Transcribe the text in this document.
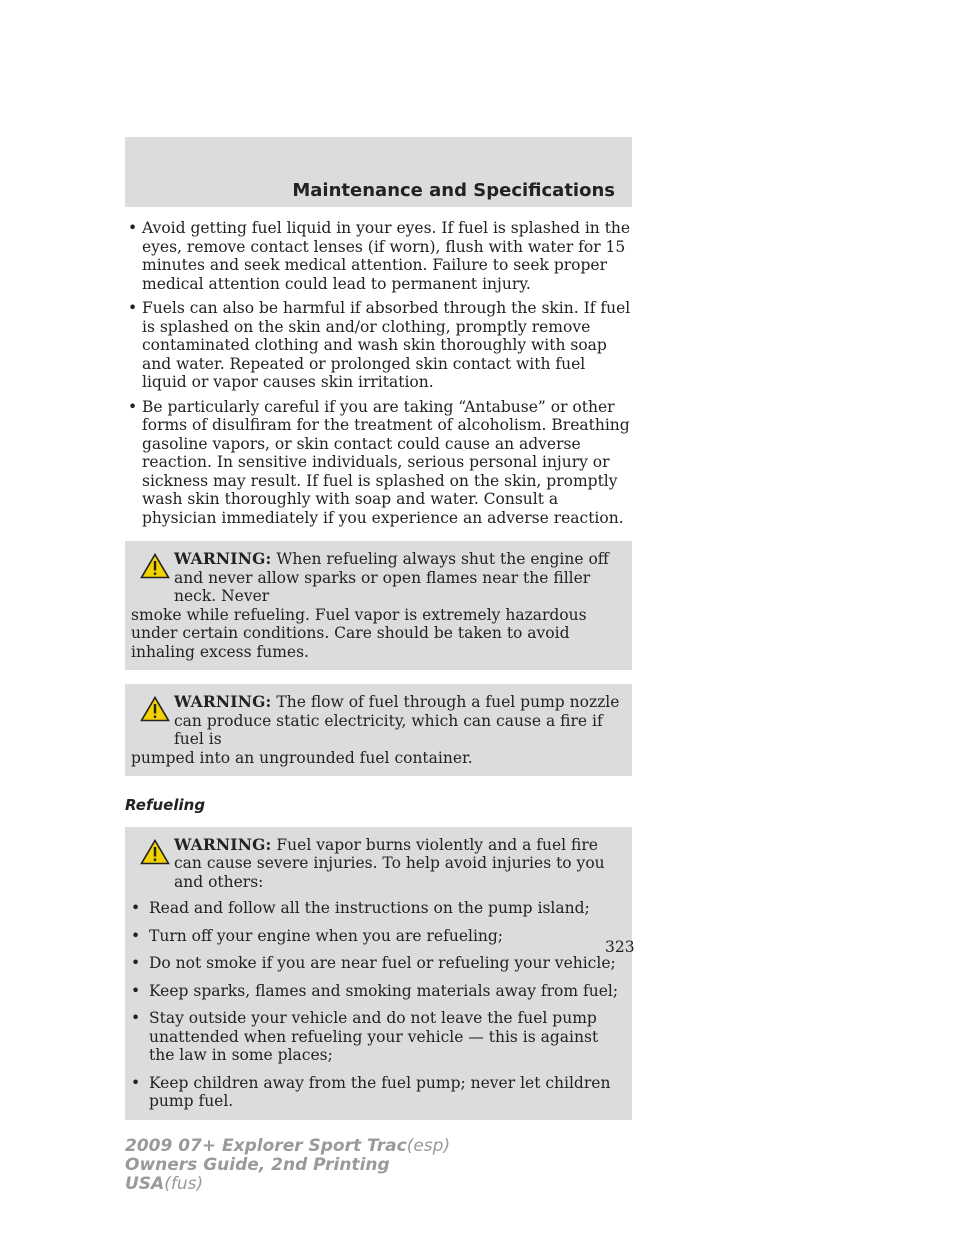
Maintenance and Specifications
• Avoid getting fuel liquid in your eyes. If fuel is splashed in the eyes, remove contact lenses (if worn), flush with water for 15 minutes and seek medical attention. Failure to seek proper medical attention could lead to permanent injury.
• Fuels can also be harmful if absorbed through the skin. If fuel is splashed on the skin and/or clothing, promptly remove contaminated clothing and wash skin thoroughly with soap and water. Repeated or prolonged skin contact with fuel liquid or vapor causes skin irritation.
• Be particularly careful if you are taking “Antabuse” or other forms of disulfiram for the treatment of alcoholism. Breathing gasoline vapors, or skin contact could cause an adverse reaction. In sensitive individuals, serious personal injury or sickness may result. If fuel is splashed on the skin, promptly wash skin thoroughly with soap and water. Consult a physician immediately if you experience an adverse reaction.
WARNING: When refueling always shut the engine off and never allow sparks or open flames near the filler neck. Never
smoke while refueling. Fuel vapor is extremely hazardous under certain conditions. Care should be taken to avoid inhaling excess fumes.
WARNING: The flow of fuel through a fuel pump nozzle can produce static electricity, which can cause a fire if fuel is
pumped into an ungrounded fuel container.
Refueling
WARNING: Fuel vapor burns violently and a fuel fire can cause severe injuries. To help avoid injuries to you and others:
• Read and follow all the instructions on the pump island;
• Turn off your engine when you are refueling;
• Do not smoke if you are near fuel or refueling your vehicle;
• Keep sparks, flames and smoking materials away from fuel;
• Stay outside your vehicle and do not leave the fuel pump unattended when refueling your vehicle — this is against the law in some places;
• Keep children away from the fuel pump; never let children pump fuel.
323
2009 07+ Explorer Sport Trac(esp)
Owners Guide, 2nd Printing
USA(fus)
